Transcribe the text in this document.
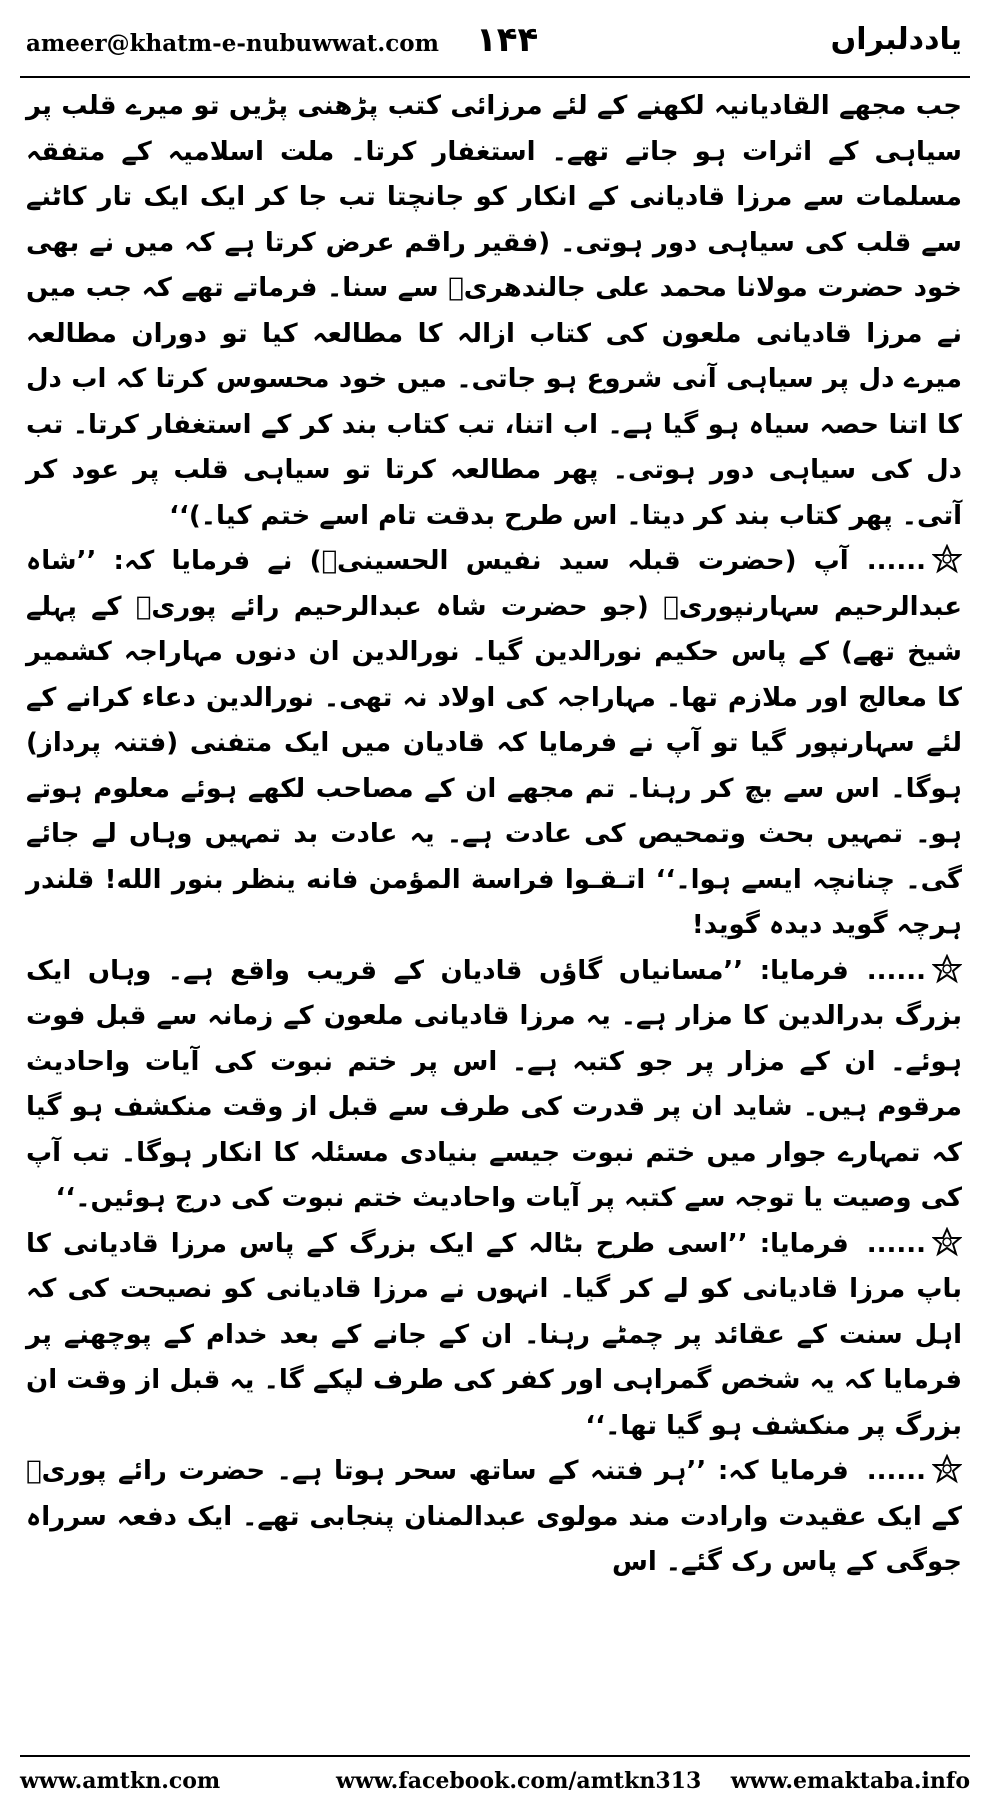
ameer@khatm-e-nubuwwat.com ۱۴۴	یاددلبراں

جب مجھے القادیانیہ لکھنے کے لئے مرزائی کتب پڑھنی پڑیں تو میرے قلب پر سیاہی کے اثرات ہو جاتے تھے۔ استغفار کرتا۔ ملت اسلامیہ کے متفقہ مسلمات سے مرزا قادیانی کے انکار کو جانچتا تب جا کر ایک ایک تار کاٹنے سے قلب کی سیاہی دور ہوتی۔ (فقیر راقم عرض کرتا ہے کہ میں نے بھی خود حضرت مولانا محمد علی جالندھریؒ سے سنا۔ فرماتے تھے کہ جب میں نے مرزا قادیانی ملعون کی کتاب ازالہ کا مطالعہ کیا تو دوران مطالعہ میرے دل پر سیاہی آنی شروع ہو جاتی۔ میں خود محسوس کرتا کہ اب دل کا اتنا حصہ سیاہ ہو گیا ہے۔ اب اتنا، تب کتاب بند کر کے استغفار کرتا۔ تب دل کی سیاہی دور ہوتی۔ پھر مطالعہ کرتا تو سیاہی قلب پر عود کر آتی۔ پھر کتاب بند کر دیتا۔ اس طرح بدقت تام اسے ختم کیا۔)‘‘

......آپ (حضرت قبلہ سید نفیس الحسینیؒ) نے فرمایا کہ: ’’شاہ عبدالرحیم سہارنپوریؒ (جو حضرت شاہ عبدالرحیم رائے پوریؒ کے پہلے شیخ تھے) کے پاس حکیم نورالدین گیا۔ نورالدین ان دنوں مہاراجہ کشمیر کا معالج اور ملازم تھا۔ مہاراجہ کی اولاد نہ تھی۔ نورالدین دعاء کرانے کے لئے سہارنپور گیا تو آپ نے فرمایا کہ قادیان میں ایک متفنی (فتنہ پرداز) ہوگا۔ اس سے بچ کر رہنا۔ تم مجھے ان کے مصاحب لکھے ہوئے معلوم ہوتے ہو۔ تمہیں بحث وتمحیص کی عادت ہے۔ یہ عادت بد تمہیں وہاں لے جائے گی۔ چنانچہ ایسے ہوا۔‘‘ اتـقـوا فراسة المؤمن فانه ينظر بنور الله! قلندر ہرچہ گوید دیدہ گوید!

......فرمایا: ’’مسانیاں گاؤں قادیان کے قریب واقع ہے۔ وہاں ایک بزرگ بدرالدین کا مزار ہے۔ یہ مرزا قادیانی ملعون کے زمانہ سے قبل فوت ہوئے۔ ان کے مزار پر جو کتبہ ہے۔ اس پر ختم نبوت کی آیات واحادیث مرقوم ہیں۔ شاید ان پر قدرت کی طرف سے قبل از وقت منکشف ہو گیا کہ تمہارے جوار میں ختم نبوت جیسے بنیادی مسئلہ کا انکار ہوگا۔ تب آپ کی وصیت یا توجہ سے کتبہ پر آیات واحادیث ختم نبوت کی درج ہوئیں۔‘‘

......فرمایا: ’’اسی طرح بٹالہ کے ایک بزرگ کے پاس مرزا قادیانی کا باپ مرزا قادیانی کو لے کر گیا۔ انہوں نے مرزا قادیانی کو نصیحت کی کہ اہل سنت کے عقائد پر چمٹے رہنا۔ ان کے جانے کے بعد خدام کے پوچھنے پر فرمایا کہ یہ شخص گمراہی اور کفر کی طرف لپکے گا۔ یہ قبل از وقت ان بزرگ پر منکشف ہو گیا تھا۔‘‘

......فرمایا کہ: ’’ہر فتنہ کے ساتھ سحر ہوتا ہے۔ حضرت رائے پوریؒ کے ایک عقیدت وارادت مند مولوی عبدالمنان پنجابی تھے۔ ایک دفعہ سرراہ جوگی کے پاس رک گئے۔ اس

www.amtkn.com	www.facebook.com/amtkn313 www.emaktaba.info
